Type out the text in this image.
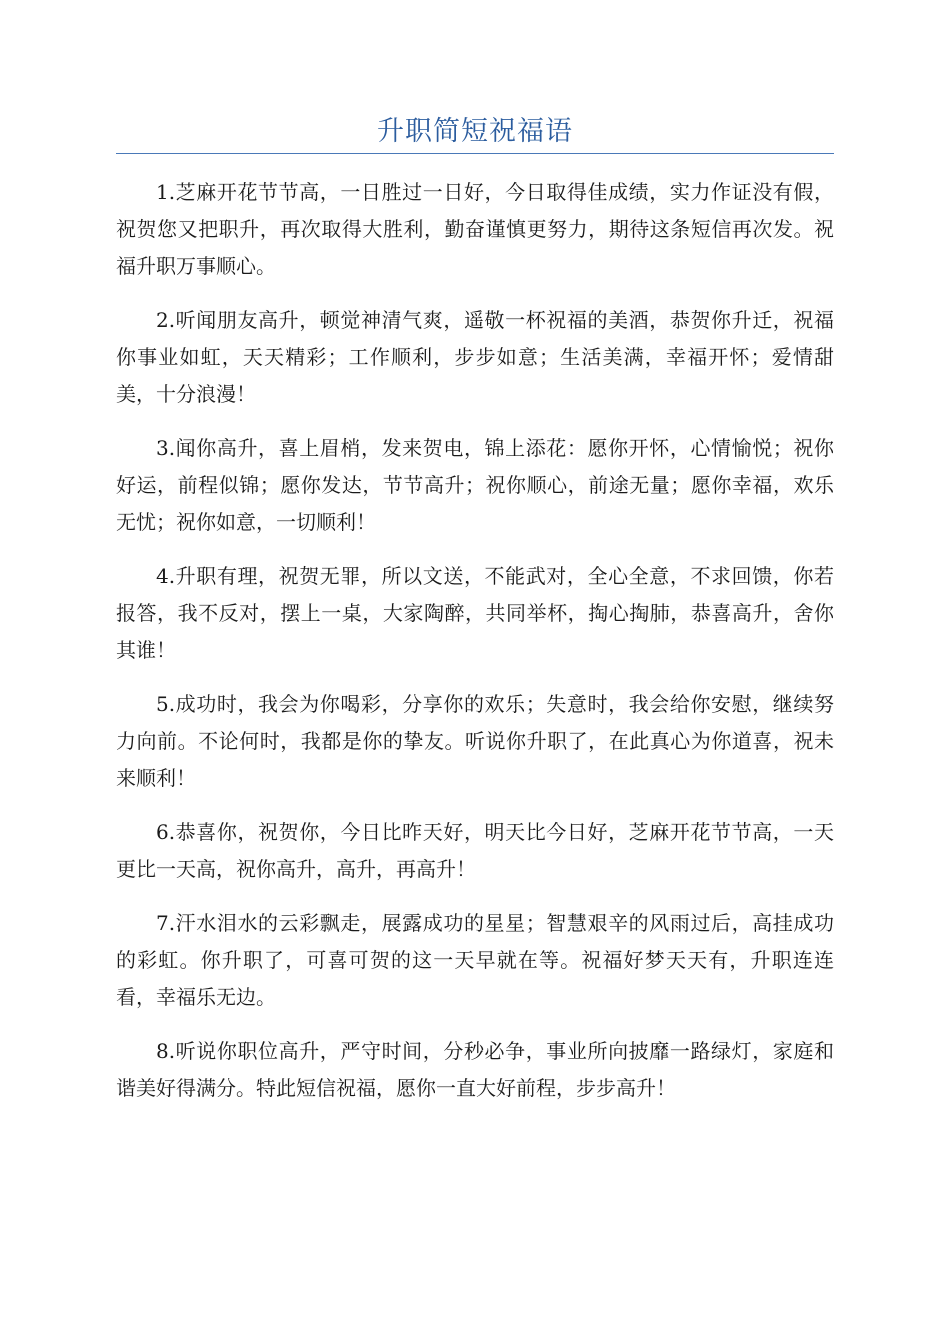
升职简短祝福语

1.芝麻开花节节高，一日胜过一日好，今日取得佳成绩，实力作证没有假，祝贺您又把职升，再次取得大胜利，勤奋谨慎更努力，期待这条短信再次发。祝福升职万事顺心。

2.听闻朋友高升，顿觉神清气爽，遥敬一杯祝福的美酒，恭贺你升迁，祝福你事业如虹，天天精彩；工作顺利，步步如意；生活美满，幸福开怀；爱情甜美，十分浪漫！

3.闻你高升，喜上眉梢，发来贺电，锦上添花：愿你开怀，心情愉悦；祝你好运，前程似锦；愿你发达，节节高升；祝你顺心，前途无量；愿你幸福，欢乐无忧；祝你如意，一切顺利！

4.升职有理，祝贺无罪，所以文送，不能武对，全心全意，不求回馈，你若报答，我不反对，摆上一桌，大家陶醉，共同举杯，掏心掏肺，恭喜高升，舍你其谁！

5.成功时，我会为你喝彩，分享你的欢乐；失意时，我会给你安慰，继续努力向前。不论何时，我都是你的挚友。听说你升职了，在此真心为你道喜，祝未来顺利！

6.恭喜你，祝贺你，今日比昨天好，明天比今日好，芝麻开花节节高，一天更比一天高，祝你高升，高升，再高升！

7.汗水泪水的云彩飘走，展露成功的星星；智慧艰辛的风雨过后，高挂成功的彩虹。你升职了，可喜可贺的这一天早就在等。祝福好梦天天有，升职连连看，幸福乐无边。

8.听说你职位高升，严守时间，分秒必争，事业所向披靡一路绿灯，家庭和谐美好得满分。特此短信祝福，愿你一直大好前程，步步高升！
